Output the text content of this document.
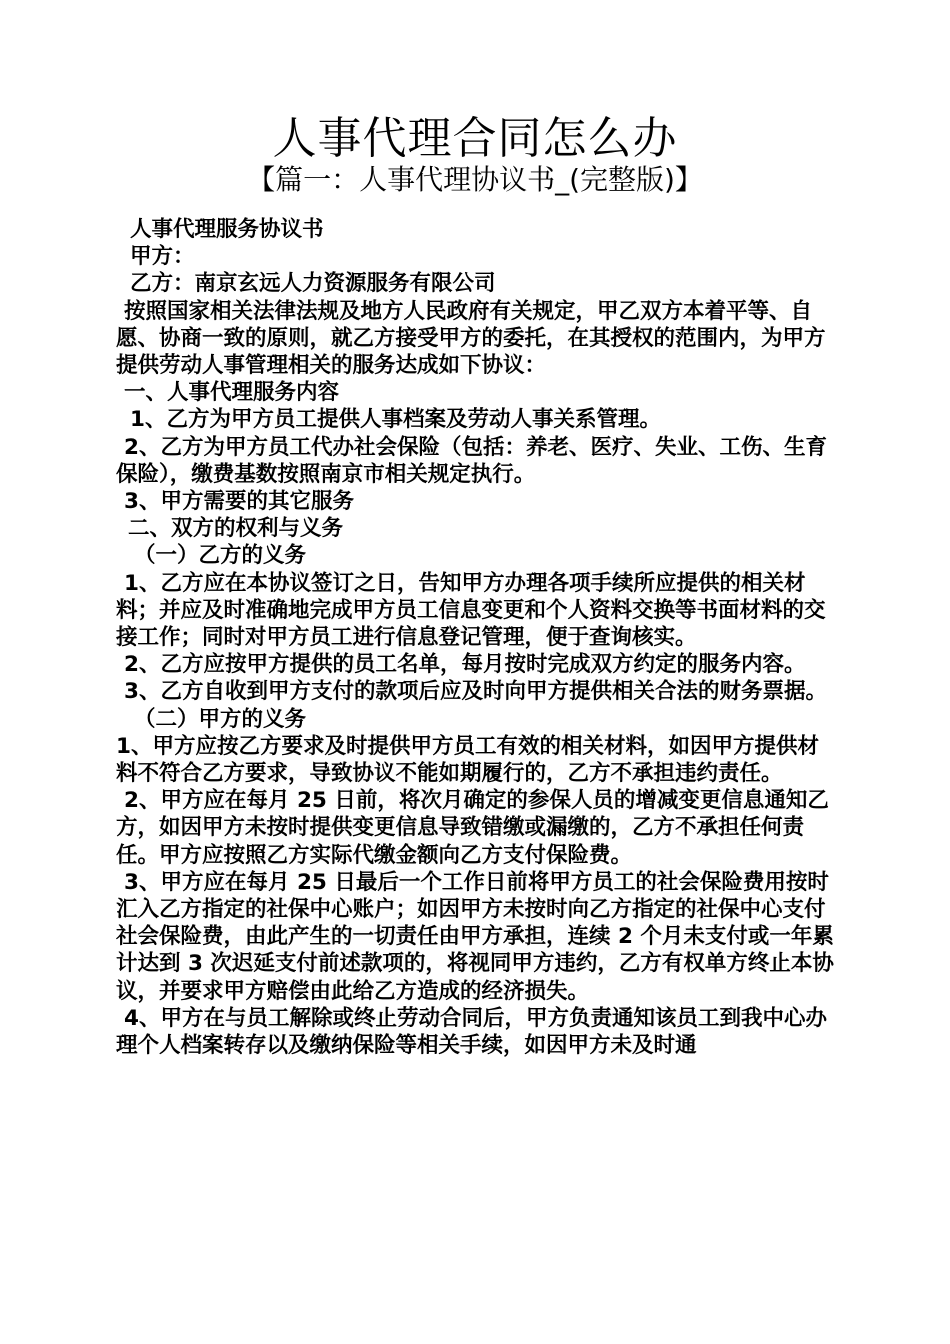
人事代理合同怎么办
【篇一：人事代理协议书_(完整版)】

人事代理服务协议书

甲方：

乙方：南京玄远人力资源服务有限公司

按照国家相关法律法规及地方人民政府有关规定，甲乙双方本着平等、自愿、协商一致的原则，就乙方接受甲方的委托，在其授权的范围内，为甲方提供劳动人事管理相关的服务达成如下协议：

一、人事代理服务内容

1、乙方为甲方员工提供人事档案及劳动人事关系管理。

2、乙方为甲方员工代办社会保险（包括：养老、医疗、失业、工伤、生育保险），缴费基数按照南京市相关规定执行。

3、甲方需要的其它服务

二、双方的权利与义务

（一）乙方的义务

1、乙方应在本协议签订之日，告知甲方办理各项手续所应提供的相关材料；并应及时准确地完成甲方员工信息变更和个人资料交换等书面材料的交接工作；同时对甲方员工进行信息登记管理，便于查询核实。

2、乙方应按甲方提供的员工名单，每月按时完成双方约定的服务内容。

3、乙方自收到甲方支付的款项后应及时向甲方提供相关合法的财务票据。

（二）甲方的义务

1、甲方应按乙方要求及时提供甲方员工有效的相关材料，如因甲方提供材料不符合乙方要求，导致协议不能如期履行的，乙方不承担违约责任。

2、甲方应在每月 25 日前，将次月确定的参保人员的增减变更信息通知乙方，如因甲方未按时提供变更信息导致错缴或漏缴的，乙方不承担任何责任。甲方应按照乙方实际代缴金额向乙方支付保险费。

3、甲方应在每月 25 日最后一个工作日前将甲方员工的社会保险费用按时汇入乙方指定的社保中心账户；如因甲方未按时向乙方指定的社保中心支付社会保险费，由此产生的一切责任由甲方承担，连续 2 个月未支付或一年累计达到 3 次迟延支付前述款项的，将视同甲方违约，乙方有权单方终止本协议，并要求甲方赔偿由此给乙方造成的经济损失。

4、甲方在与员工解除或终止劳动合同后，甲方负责通知该员工到我中心办理个人档案转存以及缴纳保险等相关手续，如因甲方未及时通
